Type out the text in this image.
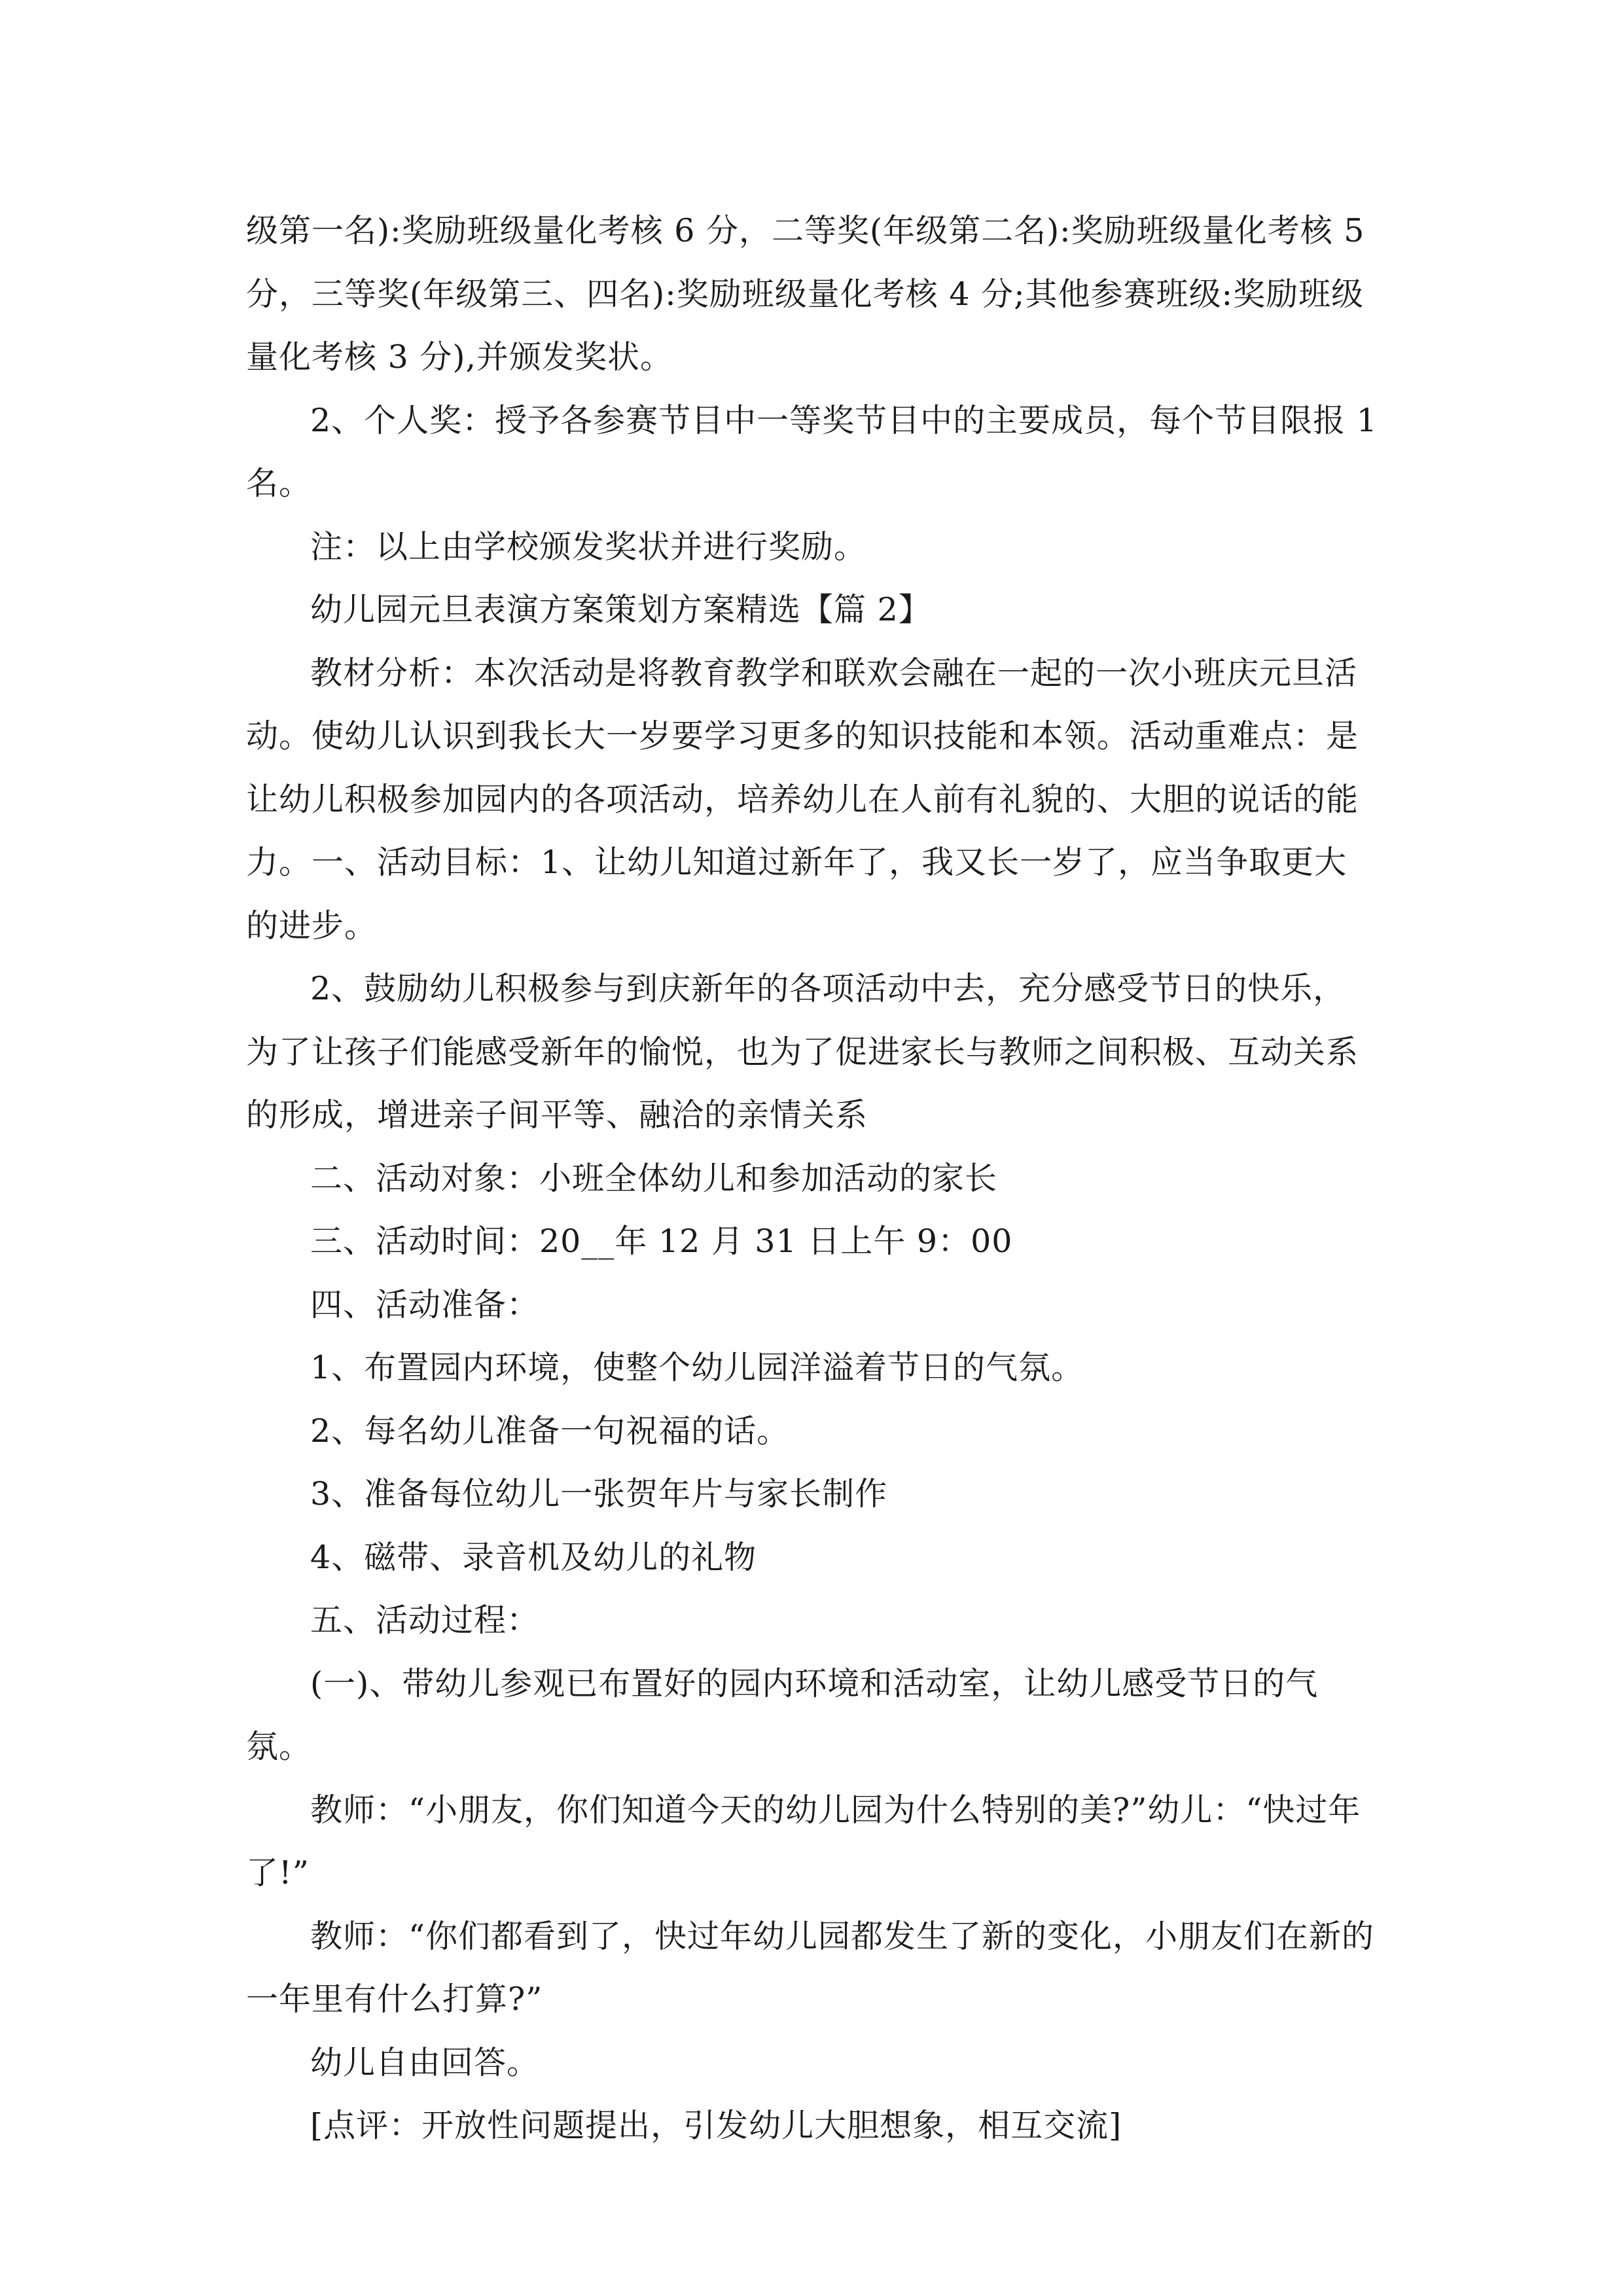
级第一名):奖励班级量化考核 6 分，二等奖(年级第二名):奖励班级量化考核 5 分，三等奖(年级第三、四名):奖励班级量化考核 4 分;其他参赛班级:奖励班级量化考核 3 分),并颁发奖状。

2、个人奖：授予各参赛节目中一等奖节目中的主要成员，每个节目限报 1 名。

注：以上由学校颁发奖状并进行奖励。

幼儿园元旦表演方案策划方案精选【篇 2】

教材分析：本次活动是将教育教学和联欢会融在一起的一次小班庆元旦活动。使幼儿认识到我长大一岁要学习更多的知识技能和本领。活动重难点：是让幼儿积极参加园内的各项活动，培养幼儿在人前有礼貌的、大胆的说话的能力。一、活动目标：1、让幼儿知道过新年了，我又长一岁了，应当争取更大的进步。

2、鼓励幼儿积极参与到庆新年的各项活动中去，充分感受节日的快乐，为了让孩子们能感受新年的愉悦，也为了促进家长与教师之间积极、互动关系的形成，增进亲子间平等、融洽的亲情关系

二、活动对象：小班全体幼儿和参加活动的家长

三、活动时间：20__年 12 月 31 日上午 9：00

四、活动准备：

1、布置园内环境，使整个幼儿园洋溢着节日的气氛。

2、每名幼儿准备一句祝福的话。

3、准备每位幼儿一张贺年片与家长制作

4、磁带、录音机及幼儿的礼物

五、活动过程：

(一)、带幼儿参观已布置好的园内环境和活动室，让幼儿感受节日的气氛。

教师：“小朋友，你们知道今天的幼儿园为什么特别的美?”幼儿：“快过年了!”

教师：“你们都看到了，快过年幼儿园都发生了新的变化，小朋友们在新的一年里有什么打算?”

幼儿自由回答。

[点评：开放性问题提出，引发幼儿大胆想象，相互交流]
